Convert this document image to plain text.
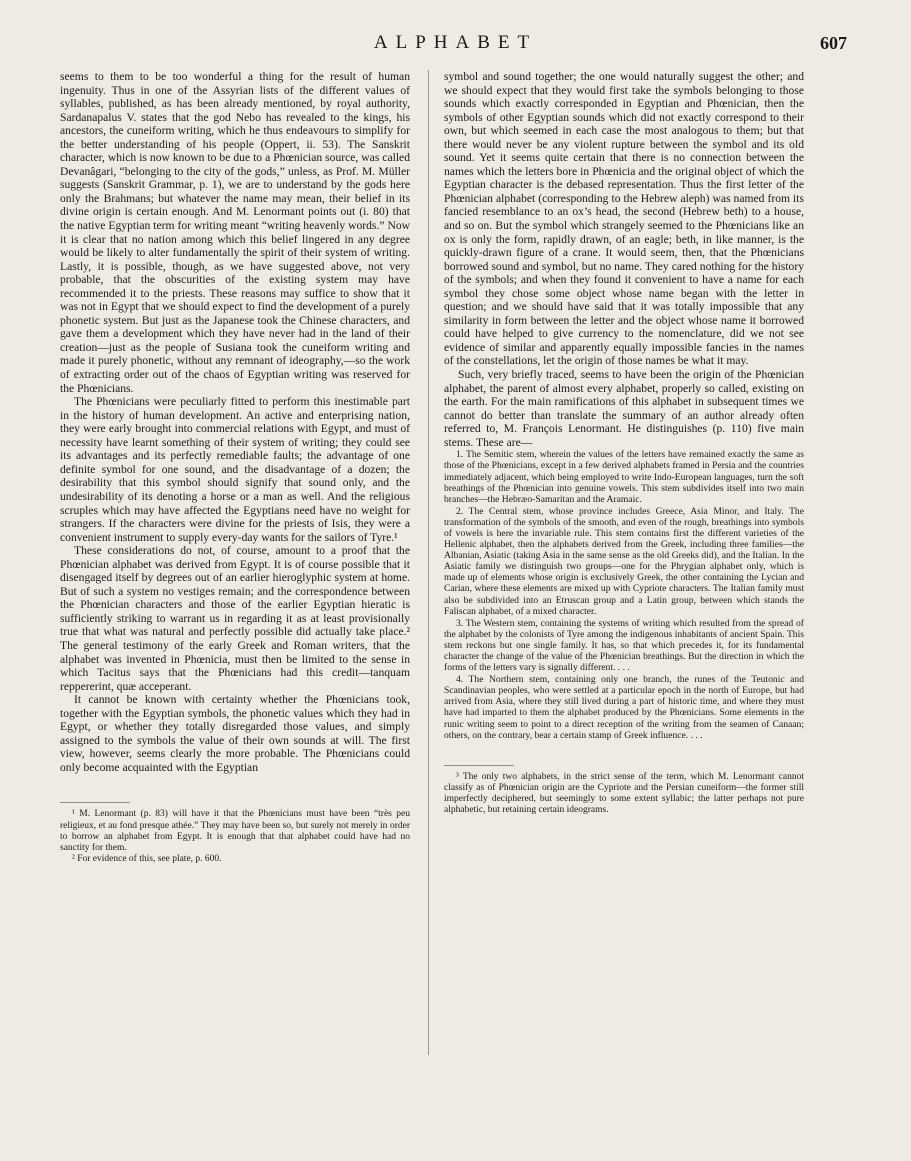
ALPHABET	607

seems to them to be too wonderful a thing for the result of human ingenuity. Thus in one of the Assyrian lists of the different values of syllables, published, as has been already mentioned, by royal authority, Sardanapalus V. states that the god Nebo has revealed to the kings, his ancestors, the cuneiform writing, which he thus endeavours to simplify for the better understanding of his people (Oppert, ii. 53). The Sanskrit character, which is now known to be due to a Phœnician source, was called Devanâgari, “belonging to the city of the gods,” unless, as Prof. M. Müller suggests (Sanskrit Grammar, p. 1), we are to understand by the gods here only the Brahmans; but whatever the name may mean, their belief in its divine origin is certain enough. And M. Lenormant points out (i. 80) that the native Egyptian term for writing meant “writing heavenly words.” Now it is clear that no nation among which this belief lingered in any degree would be likely to alter fundamentally the spirit of their system of writing. Lastly, it is possible, though, as we have suggested above, not very probable, that the obscurities of the existing system may have recommended it to the priests. These reasons may suffice to show that it was not in Egypt that we should expect to find the development of a purely phonetic system. But just as the Japanese took the Chinese characters, and gave them a development which they have never had in the land of their creation—just as the people of Susiana took the cuneiform writing and made it purely phonetic, without any remnant of ideography,—so the work of extracting order out of the chaos of Egyptian writing was reserved for the Phœnicians.

The Phœnicians were peculiarly fitted to perform this inestimable part in the history of human development. An active and enterprising nation, they were early brought into commercial relations with Egypt, and must of necessity have learnt something of their system of writing; they could see its advantages and its perfectly remediable faults; the advantage of one definite symbol for one sound, and the disadvantage of a dozen; the desirability that this symbol should signify that sound only, and the undesirability of its denoting a horse or a man as well. And the religious scruples which may have affected the Egyptians need have no weight for strangers. If the characters were divine for the priests of Isis, they were a convenient instrument to supply every-day wants for the sailors of Tyre.¹

These considerations do not, of course, amount to a proof that the Phœnician alphabet was derived from Egypt. It is of course possible that it disengaged itself by degrees out of an earlier hieroglyphic system at home. But of such a system no vestiges remain; and the correspondence between the Phœnician characters and those of the earlier Egyptian hieratic is sufficiently striking to warrant us in regarding it as at least provisionally true that what was natural and perfectly possible did actually take place.² The general testimony of the early Greek and Roman writers, that the alphabet was invented in Phœnicia, must then be limited to the sense in which Tacitus says that the Phœnicians had this credit—tanquam reppererint, quæ acceperant.

It cannot be known with certainty whether the Phœnicians took, together with the Egyptian symbols, the phonetic values which they had in Egypt, or whether they totally disregarded those values, and simply assigned to the symbols the value of their own sounds at will. The first view, however, seems clearly the more probable. The Phœnicians could only become acquainted with the Egyptian

¹ M. Lenormant (p. 83) will have it that the Phœnicians must have been “très peu religieux, et au fond presque athée.” They may have been so, but surely not merely in order to borrow an alphabet from Egypt. It is enough that that alphabet could have had no sanctity for them.

² For evidence of this, see plate, p. 600.

symbol and sound together; the one would naturally suggest the other; and we should expect that they would first take the symbols belonging to those sounds which exactly corresponded in Egyptian and Phœnician, then the symbols of other Egyptian sounds which did not exactly correspond to their own, but which seemed in each case the most analogous to them; but that there would never be any violent rupture between the symbol and its old sound. Yet it seems quite certain that there is no connection between the names which the letters bore in Phœnicia and the original object of which the Egyptian character is the debased representation. Thus the first letter of the Phœnician alphabet (corresponding to the Hebrew aleph) was named from its fancied resemblance to an ox’s head, the second (Hebrew beth) to a house, and so on. But the symbol which strangely seemed to the Phœnicians like an ox is only the form, rapidly drawn, of an eagle; beth, in like manner, is the quickly-drawn figure of a crane. It would seem, then, that the Phœnicians borrowed sound and symbol, but no name. They cared nothing for the history of the symbols; and when they found it convenient to have a name for each symbol they chose some object whose name began with the letter in question; and we should have said that it was totally impossible that any similarity in form between the letter and the object whose name it borrowed could have helped to give currency to the nomenclature, did we not see evidence of similar and apparently equally impossible fancies in the names of the constellations, let the origin of those names be what it may.

Such, very briefly traced, seems to have been the origin of the Phœnician alphabet, the parent of almost every alphabet, properly so called, existing on the earth. For the main ramifications of this alphabet in subsequent times we cannot do better than translate the summary of an author already often referred to, M. François Lenormant. He distinguishes (p. 110) five main stems. These are—

1. The Semitic stem, wherein the values of the letters have remained exactly the same as those of the Phœnicians, except in a few derived alphabets framed in Persia and the countries immediately adjacent, which being employed to write Indo-European languages, turn the soft breathings of the Phœnician into genuine vowels. This stem subdivides itself into two main branches—the Hebræo-Samaritan and the Aramaic.

2. The Central stem, whose province includes Greece, Asia Minor, and Italy. The transformation of the symbols of the smooth, and even of the rough, breathings into symbols of vowels is here the invariable rule. This stem contains first the different varieties of the Hellenic alphabet, then the alphabets derived from the Greek, including three families—the Albanian, Asiatic (taking Asia in the same sense as the old Greeks did), and the Italian. In the Asiatic family we distinguish two groups—one for the Phrygian alphabet only, which is made up of elements whose origin is exclusively Greek, the other containing the Lycian and Carian, where these elements are mixed up with Cypriote characters. The Italian family must also be subdivided into an Etruscan group and a Latin group, between which stands the Faliscan alphabet, of a mixed character.

3. The Western stem, containing the systems of writing which resulted from the spread of the alphabet by the colonists of Tyre among the indigenous inhabitants of ancient Spain. This stem reckons but one single family. It has, so that which precedes it, for its fundamental character the change of the value of the Phœnician breathings. But the direction in which the forms of the letters vary is signally different. . . .

4. The Northern stem, containing only one branch, the runes of the Teutonic and Scandinavian peoples, who were settled at a particular epoch in the north of Europe, but had arrived from Asia, where they still lived during a part of historic time, and where they must have had imparted to them the alphabet produced by the Phœnicians. Some elements in the runic writing seem to point to a direct reception of the writing from the seamen of Canaan; others, on the contrary, bear a certain stamp of Greek influence. . . .

³ The only two alphabets, in the strict sense of the term, which M. Lenormant cannot classify as of Phœnician origin are the Cypriote and the Persian cuneiform—the former still imperfectly deciphered, but seemingly to some extent syllabic; the latter perhaps not pure alphabetic, but retaining certain ideograms.
